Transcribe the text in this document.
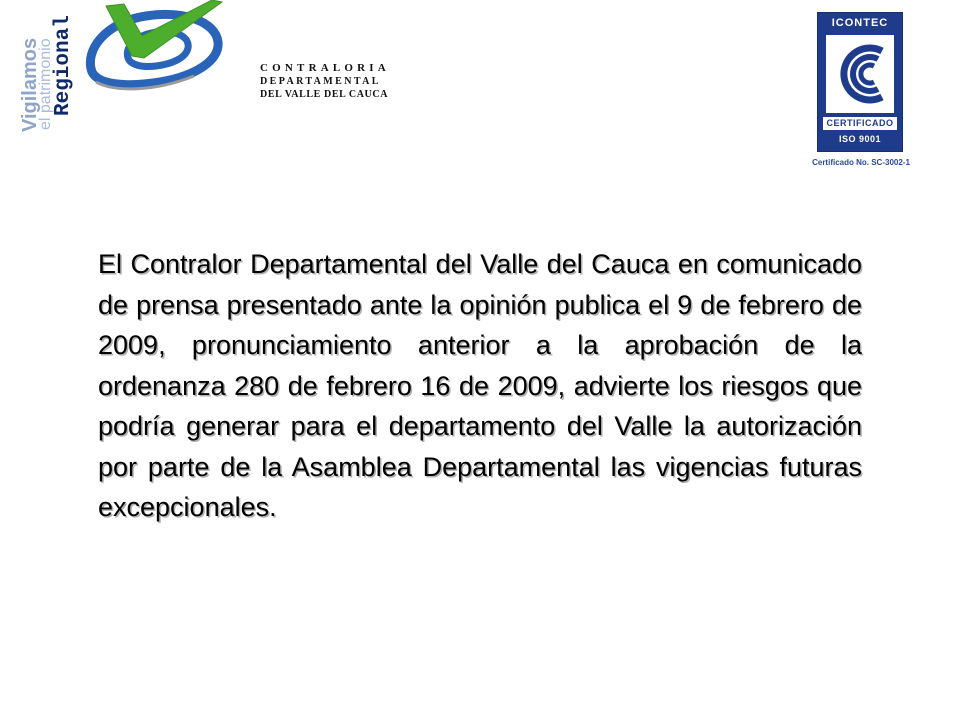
Vigilamos
el patrimonio
Regional	CONTRALORIA
DEPARTAMENTAL
DEL VALLE DEL CAUCA
ICONTEC
CERTIFICADO
ISO 9001
Certificado No. SC-3002-1

El Contralor Departamental del Valle del Cauca en comunicado de prensa presentado ante la opinión publica el 9 de febrero de 2009, pronunciamiento anterior a la aprobación de la ordenanza 280 de febrero 16 de 2009, advierte los riesgos que podría generar para el departamento del Valle la autorización por parte de la Asamblea Departamental las vigencias futuras excepcionales.
